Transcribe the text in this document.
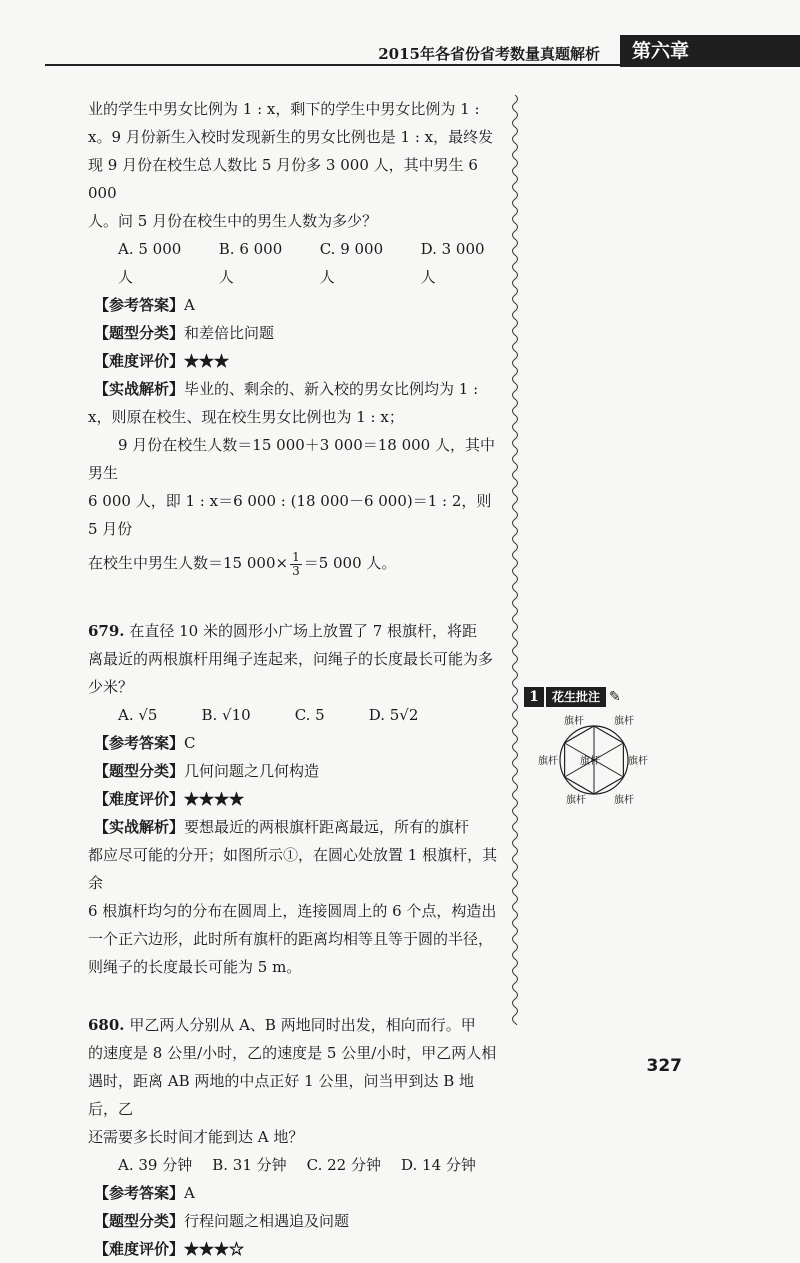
2015年各省份省考数量真题解析	第六章

业的学生中男女比例为 1 : x，剩下的学生中男女比例为 1 :

x。9 月份新生入校时发现新生的男女比例也是 1 : x，最终发

现 9 月份在校生总人数比 5 月份多 3 000 人，其中男生 6 000

人。问 5 月份在校生中的男生人数为多少？

A. 5 000 人
B. 6 000 人
C. 9 000 人
D. 3 000 人

【参考答案】A

【题型分类】和差倍比问题

【难度评价】★★★

【实战解析】毕业的、剩余的、新入校的男女比例均为 1 :

x，则原在校生、现在校生男女比例也为 1 : x；

9 月份在校生人数＝15 000＋3 000＝18 000 人，其中男生

6 000 人，即 1 : x＝6 000 : (18 000－6 000)＝1 : 2，则 5 月份

在校生中男生人数＝15 $000\times \frac{1}{3} =5$ 000 人。

679. 在直径 10 米的圆形小广场上放置了 7 根旗杆，将距

离最近的两根旗杆用绳子连起来，问绳子的长度最长可能为多

少米？

A. √5	B. √10	C. 5	D. 5√2

【参考答案】C

【题型分类】几何问题之几何构造

【难度评价】★★★★

【实战解析】要想最近的两根旗杆距离最远，所有的旗杆

都应尽可能的分开；如图所示①，在圆心处放置 1 根旗杆，其余

6 根旗杆均匀的分布在圆周上，连接圆周上的 6 个点，构造出

一个正六边形，此时所有旗杆的距离均相等且等于圆的半径，

则绳子的长度最长可能为 5 m。

680. 甲乙两人分别从 A、B 两地同时出发，相向而行。甲

的速度是 8 公里/小时，乙的速度是 5 公里/小时，甲乙两人相

遇时，距离 AB 两地的中点正好 1 公里，问当甲到达 B 地后，乙

还需要多长时间才能到达 A 地？

A. 39 分钟 B. 31 分钟 C. 22 分钟 D. 14 分钟

【参考答案】A

【题型分类】行程问题之相遇追及问题

【难度评价】★★★☆

1	花生批注 ✎
旗杆	旗杆
旗杆 旗杆	旗杆
旗杆	旗杆
327
